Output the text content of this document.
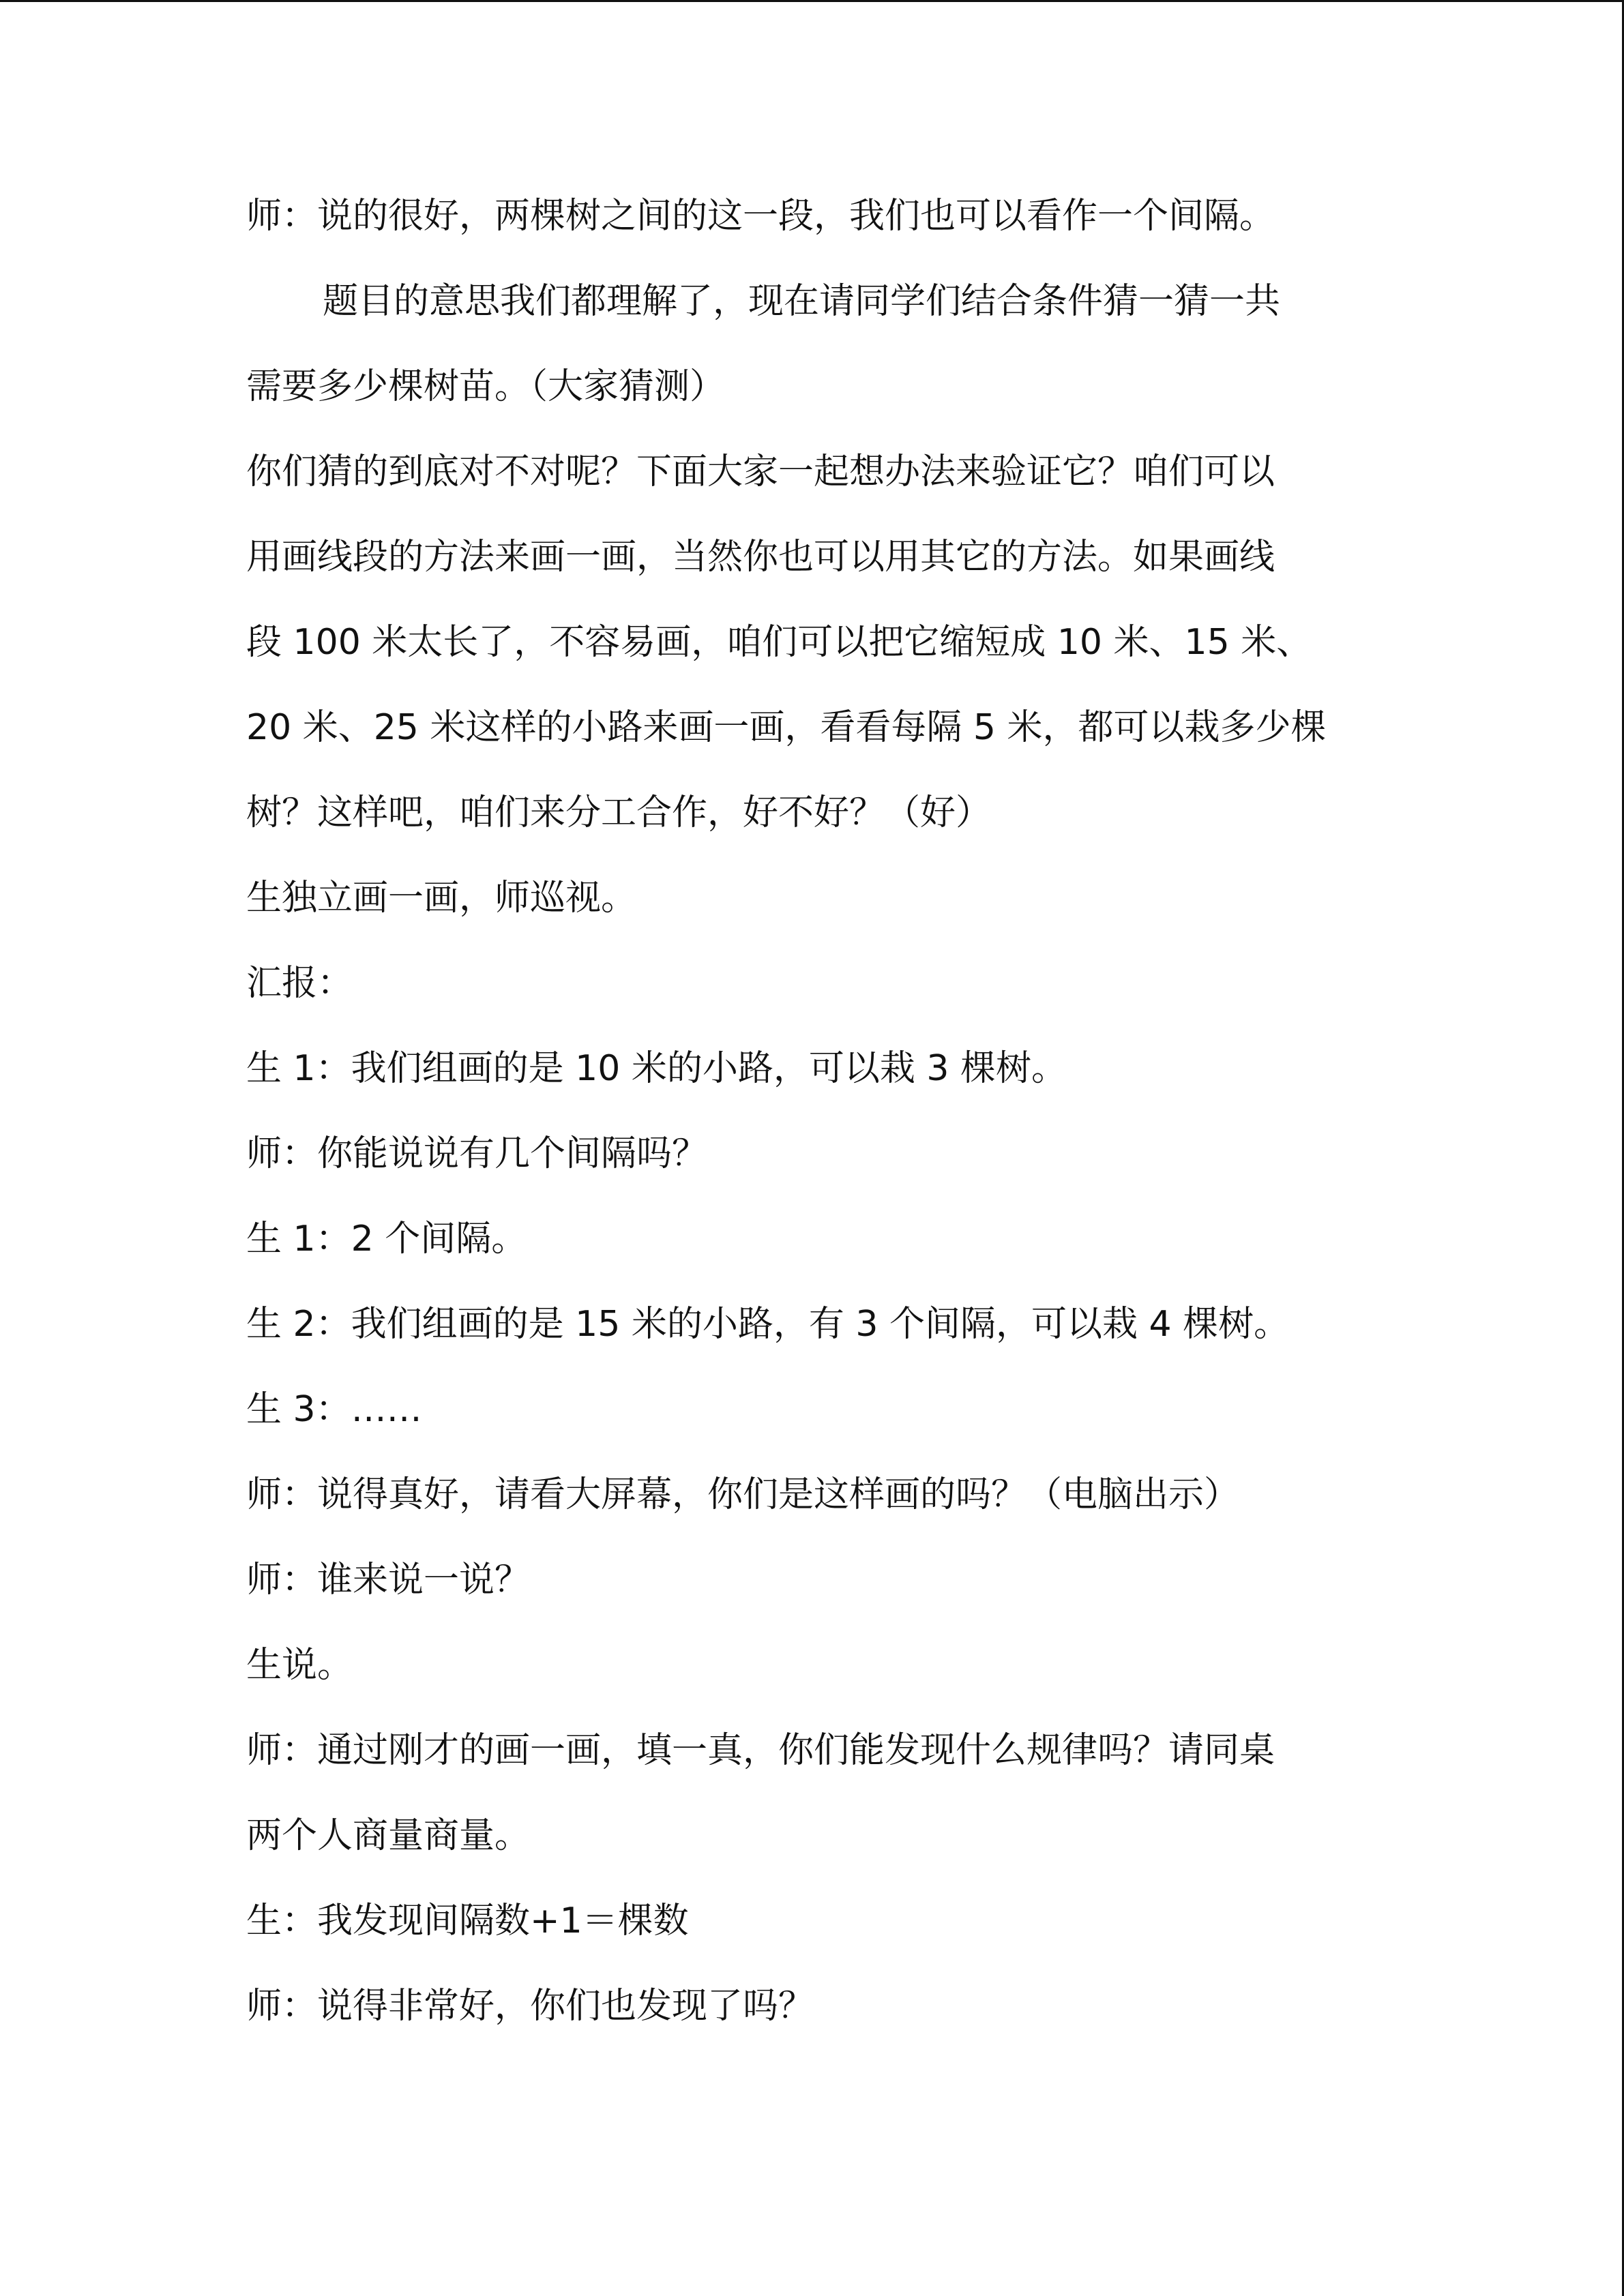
师：说的很好，两棵树之间的这一段，我们也可以看作一个间隔。
题目的意思我们都理解了，现在请同学们结合条件猜一猜一共
需要多少棵树苗。（大家猜测）
你们猜的到底对不对呢？下面大家一起想办法来验证它？咱们可以
用画线段的方法来画一画，当然你也可以用其它的方法。如果画线
段 100 米太长了，不容易画，咱们可以把它缩短成 10 米、15 米、
20 米、25 米这样的小路来画一画，看看每隔 5 米，都可以栽多少棵
树？这样吧，咱们来分工合作，好不好？（好）
生独立画一画，师巡视。
汇报：
生 1：我们组画的是 10 米的小路，可以栽 3 棵树。
师：你能说说有几个间隔吗？
生 1：2 个间隔。
生 2：我们组画的是 15 米的小路，有 3 个间隔，可以栽 4 棵树。
生 3：……
师：说得真好，请看大屏幕，你们是这样画的吗？（电脑出示）
师：谁来说一说？
生说。
师：通过刚才的画一画，填一真，你们能发现什么规律吗？请同桌
两个人商量商量。
生：我发现间隔数+1＝棵数
师：说得非常好，你们也发现了吗？
